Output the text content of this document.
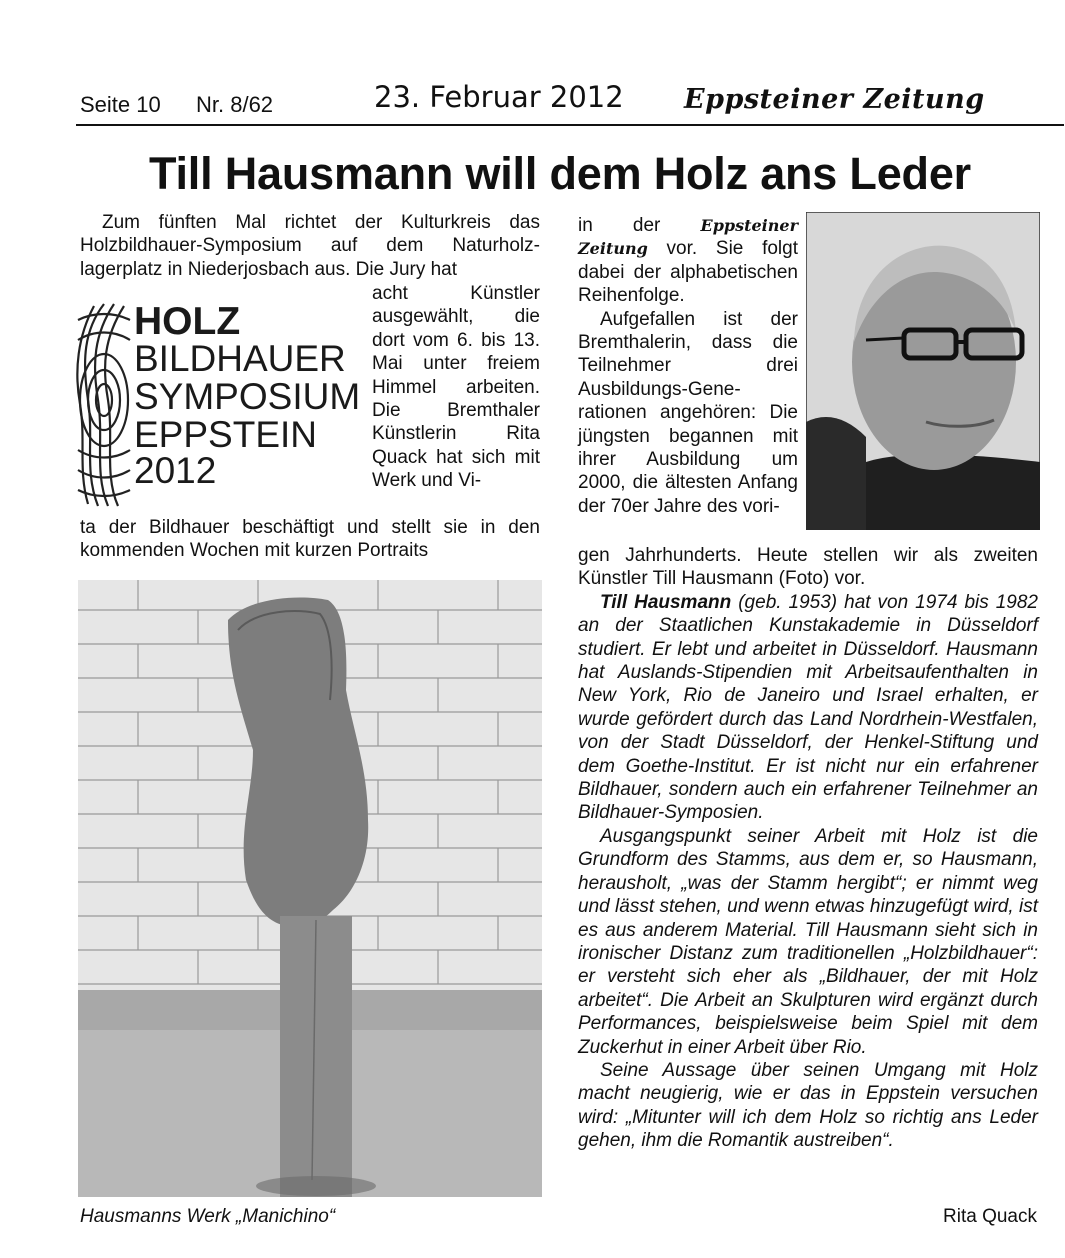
Seite 10 Nr. 8/62	23. Februar 2012 Eppsteiner Zeitung
Till Hausmann will dem Holz ans Leder

Zum fünften Mal richtet der Kulturkreis das Holzbildhauer-Symposium auf dem Naturholzlagerplatz in Niederjosbach aus. Die Jury hat

HOLZ
BILDHAUER
SYMPOSIUM
EPPSTEIN
2012

acht Künstler ausgewählt, die dort vom 6. bis 13. Mai unter freiem Himmel arbeiten. Die Bremthaler Künstlerin Rita Quack hat sich mit Werk und Vi-

ta der Bildhauer beschäftigt und stellt sie in den kommenden Wochen mit kurzen Portraits

Hausmanns Werk „Manichino“

in der	Eppsteiner Zeitung vor. Sie folgt dabei der alphabetischen Reihenfolge.

Aufgefallen ist der Bremthalerin, dass die Teilnehmer drei Ausbildungs-Generationen angehören: Die jüngsten begannen mit ihrer Ausbildung um 2000, die ältesten Anfang der 70er Jahre des vori-

gen Jahrhunderts. Heute stellen wir als zweiten Künstler Till Hausmann (Foto) vor.

Till Hausmann (geb. 1953) hat von 1974 bis 1982 an der Staatlichen Kunstakademie in Düsseldorf studiert. Er lebt und arbeitet in Düsseldorf. Hausmann hat Auslands-Stipendien mit Arbeitsaufenthalten in New York, Rio de Janeiro und Israel erhalten, er wurde gefördert durch das Land Nordrhein-Westfalen, von der Stadt Düsseldorf, der Henkel-Stiftung und dem Goethe-Institut. Er ist nicht nur ein erfahrener Bildhauer, sondern auch ein erfahrener Teilnehmer an Bildhauer-Symposien.

Ausgangspunkt seiner Arbeit mit Holz ist die Grundform des Stamms, aus dem er, so Hausmann, herausholt, „was der Stamm hergibt“; er nimmt weg und lässt stehen, und wenn etwas hinzugefügt wird, ist es aus anderem Material. Till Hausmann sieht sich in ironischer Distanz zum traditionellen „Holzbildhauer“: er versteht sich eher als „Bildhauer, der mit Holz arbeitet“. Die Arbeit an Skulpturen wird ergänzt durch Performances, beispielsweise beim Spiel mit dem Zuckerhut in einer Arbeit über Rio.

Seine Aussage über seinen Umgang mit Holz macht neugierig, wie er das in Eppstein versuchen wird: „Mitunter will ich dem Holz so richtig ans Leder gehen, ihm die Romantik austreiben“.

Rita Quack
